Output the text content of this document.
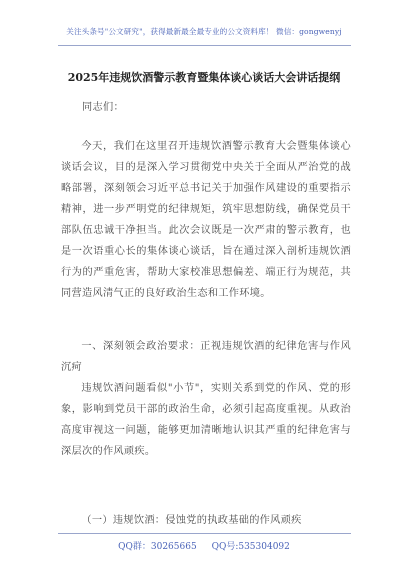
关注头条号"公文研究"，获得最新最全最专业的公文资料库！ 微信：gongwenyj
2025年违规饮酒警示教育暨集体谈心谈话大会讲话提纲

同志们：

今天，我们在这里召开违规饮酒警示教育大会暨集体谈心谈话会议，目的是深入学习贯彻党中央关于全面从严治党的战略部署，深刻领会习近平总书记关于加强作风建设的重要指示精神，进一步严明党的纪律规矩，筑牢思想防线，确保党员干部队伍忠诚干净担当。此次会议既是一次严肃的警示教育，也是一次语重心长的集体谈心谈话，旨在通过深入剖析违规饮酒行为的严重危害，帮助大家校准思想偏差、端正行为规范，共同营造风清气正的良好政治生态和工作环境。

一、深刻领会政治要求：正视违规饮酒的纪律危害与作风沉疴

违规饮酒问题看似"小节"，实则关系到党的作风、党的形象，影响到党员干部的政治生命，必须引起高度重视。从政治高度审视这一问题，能够更加清晰地认识其严重的纪律危害与深层次的作风顽疾。

（一）违规饮酒：侵蚀党的执政基础的作风顽疾

QQ群：30265665 QQ号:535304092
